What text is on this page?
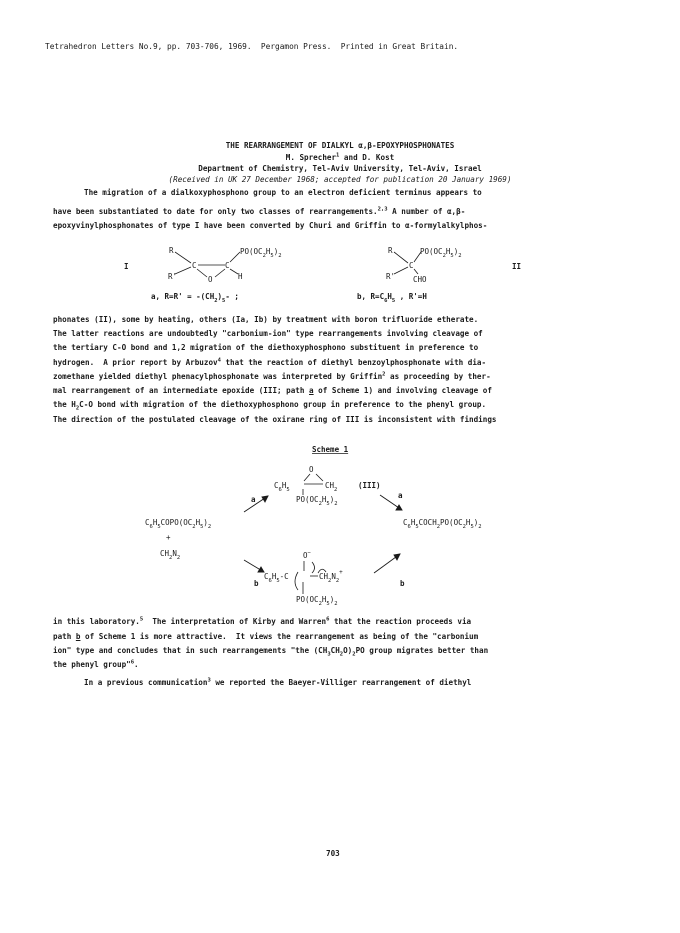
Tetrahedron Letters No.9, pp. 703-706, 1969.  Pergamon Press.  Printed in Great Britain.
THE REARRANGEMENT OF DIALKYL α,β-EPOXYPHOSPHONATES
M. Sprecher$^1$ and D. Kost
Department of Chemistry, Tel-Aviv University, Tel-Aviv, Israel
(Received in UK 27 December 1968; accepted for publication 20 January 1969)
The migration of a dialkoxyphosphono group to an electron deficient terminus appears to
have been substantiated to date for only two classes of rearrangements.$^{2,3}$ A number of α,β-
epoxyvinylphosphonates of type I have been converted by Churi and Griffin to α-formylalkylphos-
I
R
R'
C	C
O	H
$PO(OC_2H_5)_2$
II
R
R'
C
CHO
$PO(OC_2H_5)_2$
a, $R=R' = -(CH_2)_5-$ ;	b, $R=C_6H_5$ , R'=H
phonates (II), some by heating, others (Ia, Ib) by treatment with boron trifluoride etherate.
The latter reactions are undoubtedly "carbonium-ion" type rearrangements involving cleavage of
the tertiary C-O bond and 1,2 migration of the diethoxyphosphono substituent in preference to
hydrogen.  A prior report by Arbuzov$^4$ that the reaction of diethyl benzoylphosphonate with dia-
zomethane yielded diethyl phenacylphosphonate was interpreted by Griffin$^2$ as proceeding by ther-
mal rearrangement of an intermediate epoxide (III; path a of Scheme 1) and involving cleavage of
the $H_2C-O$ bond with migration of the diethoxyphosphono group in preference to the phenyl group.
The direction of the postulated cleavage of the oxirane ring of III is inconsistent with findings
Scheme 1
O
$C_6H_5$	$CH_2$	(III)
$PO(OC_2H_5)_2$
$C_6H_5COPO(OC_2H_5)_2$
+
$CH_2N_2$
$C_6H_5COCH_2PO(OC_2H_5)_2$
O−
$C_6H_5-C$	$CH_2N_2^+$
$PO(OC_2H_5)_2$
a	a
b	b
in this laboratory.$^5$  The interpretation of Kirby and Warren$^6$ that the reaction proceeds via
path b of Scheme 1 is more attractive.  It views the rearrangement as being of the "carbonium
ion" type and concludes that in such rearrangements "the $(CH_3CH_2O)_2PO$ group migrates better than
the phenyl group"$^6$.
In a previous communication$^3$ we reported the Baeyer-Villiger rearrangement of diethyl
703
